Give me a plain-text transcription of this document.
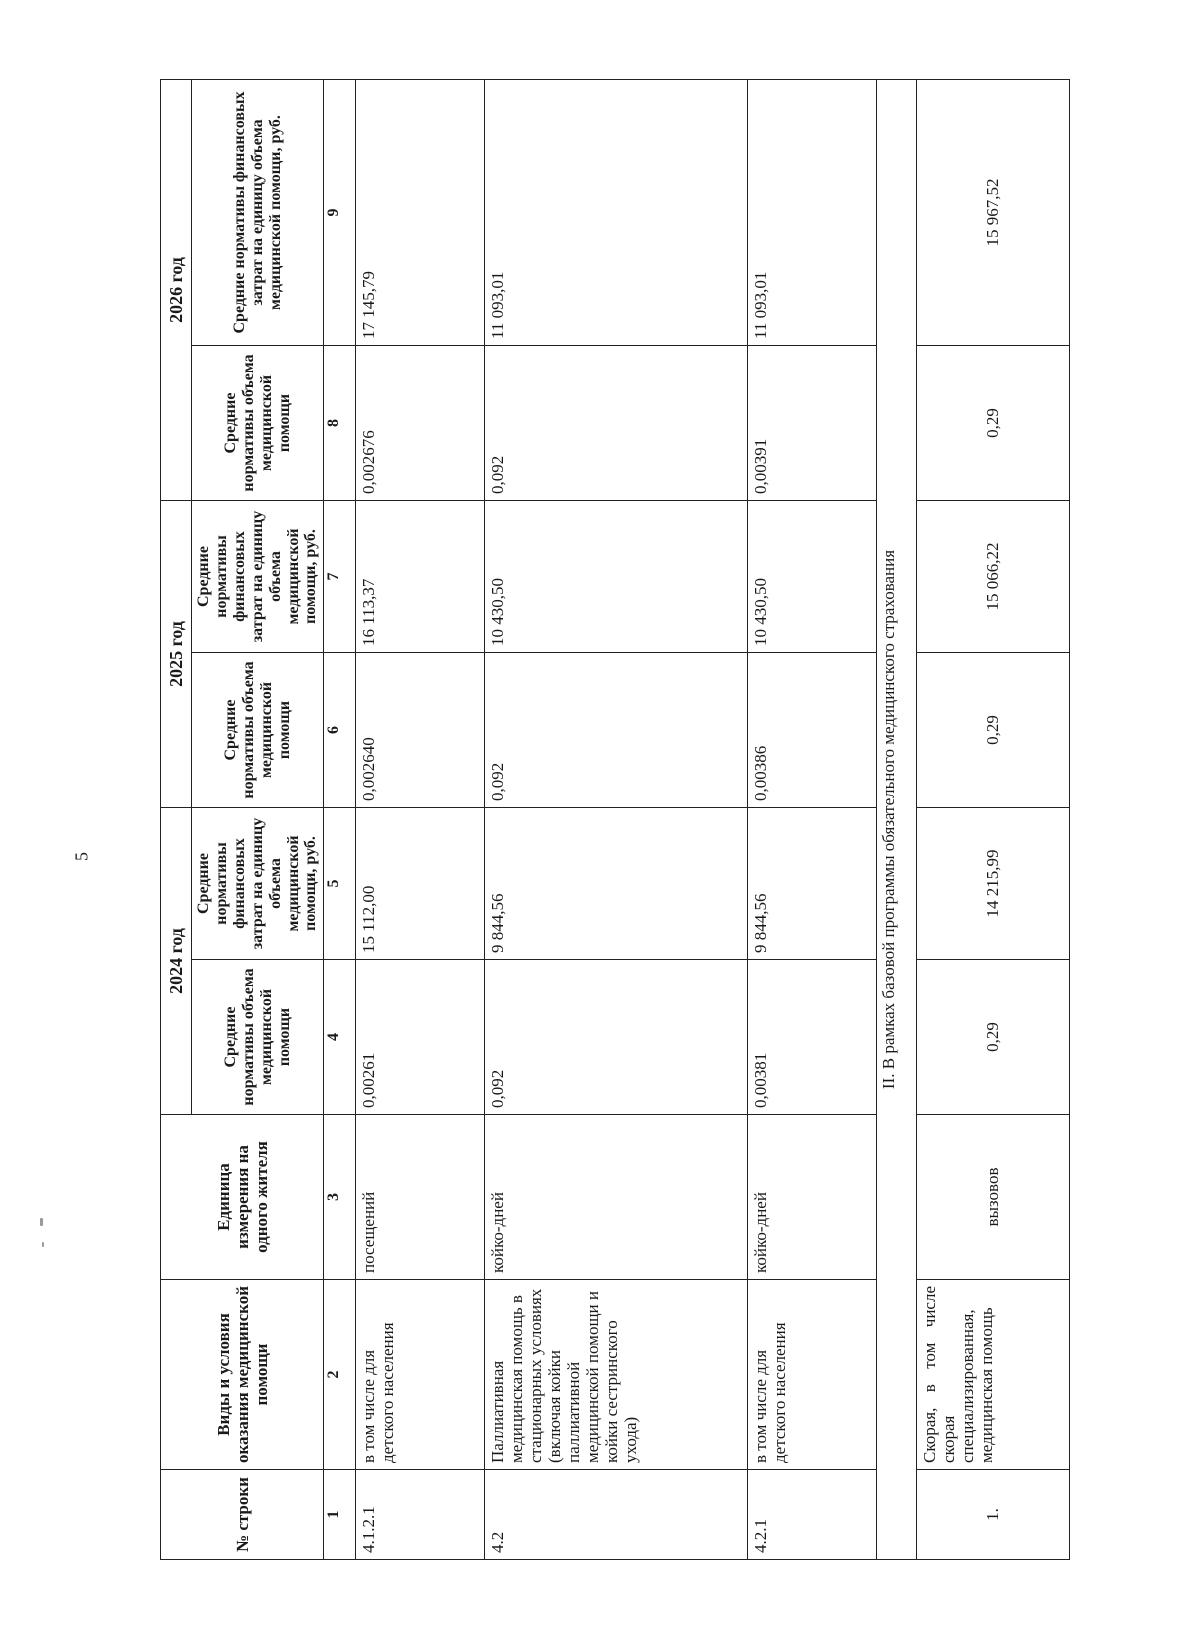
5
№ строки	Виды и условия оказания медицинской помощи	Единица измерения на одного жителя	2024 год		2025 год		2026 год	
			Средние нормативы объема медицинской помощи	Средние нормативы финансовых затрат на единицу объема медицинской помощи, руб.	Средние нормативы объема медицинской помощи	Средние нормативы финансовых затрат на единицу объема медицинской помощи, руб.	Средние нормативы объема медицинской помощи	Средние нормативы финансовых затрат на единицу объема медицинской помощи, руб.
1	2	3	4	5	6	7	8	9
4.1.2.1	в том числе для детского населения	посещений	0,00261	15 112,00	0,002640	16 113,37	0,002676	17 145,79
4.2	Паллиативная медицинская помощь в стационарных условиях (включая койки паллиативной медицинской помощи и койки сестринского ухода)	койко-дней	0,092	9 844,56	0,092	10 430,50	0,092	11 093,01
4.2.1	в том числе для детского населения	койко-дней	0,00381	9 844,56	0,00386	10 430,50	0,00391	11 093,01
II. В рамках базовой программы обязательного медицинского страхования								
1.	Скорая, в том числе скорая специализированная, медицинская помощь	вызовов	0,29	14 215,99	0,29	15 066,22	0,29	15 967,52
